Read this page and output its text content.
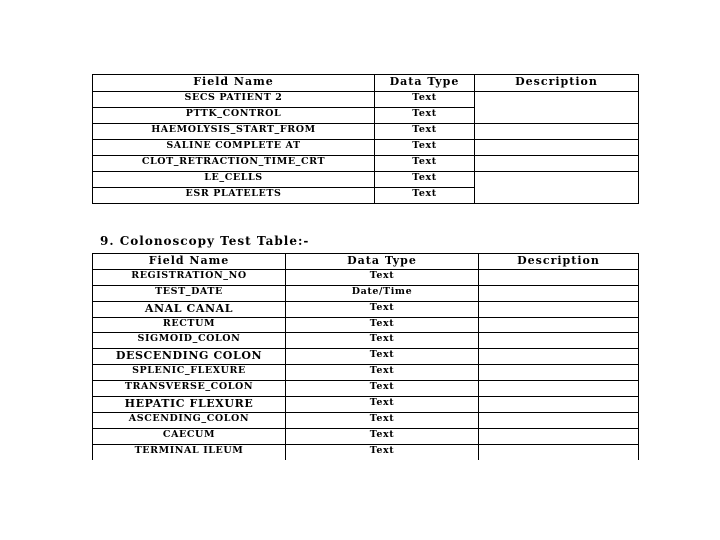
Field Name	Data Type	Description
SECS PATIENT 2	Text	
PTTK_CONTROL	Text	
HAEMOLYSIS_START_FROM	Text	
SALINE COMPLETE AT	Text	
CLOT_RETRACTION_TIME_CRT	Text	
LE_CELLS	Text	
ESR PLATELETS	Text	
9. Colonoscopy Test Table:-
Field Name	Data Type	Description
REGISTRATION_NO	Text	
TEST_DATE	Date/Time	
ANAL CANAL	Text	
RECTUM	Text	
SIGMOID_COLON	Text	
DESCENDING COLON	Text	
SPLENIC_FLEXURE	Text	
TRANSVERSE_COLON	Text	
HEPATIC FLEXURE	Text	
ASCENDING_COLON	Text	
CAECUM	Text	
TERMINAL ILEUM	Text	
